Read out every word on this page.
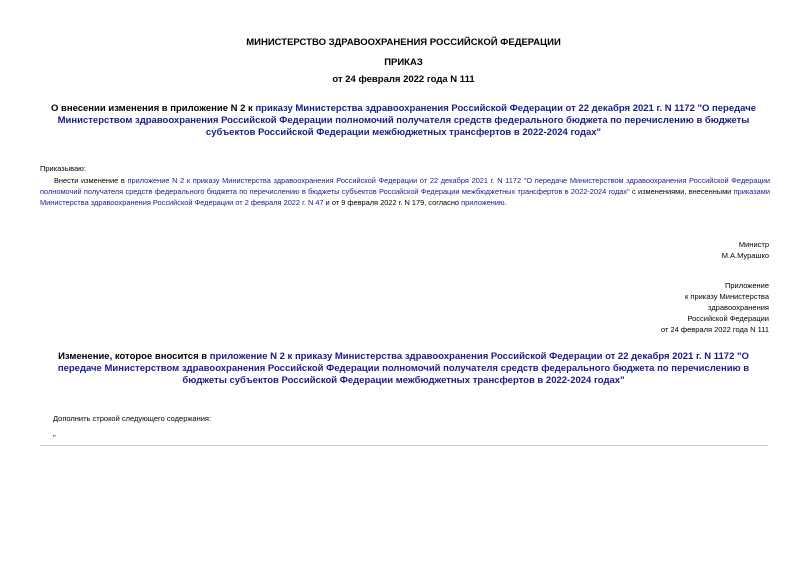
МИНИСТЕРСТВО ЗДРАВООХРАНЕНИЯ РОССИЙСКОЙ ФЕДЕРАЦИИ
ПРИКАЗ
от 24 февраля 2022 года N 111
О внесении изменения в приложение N 2 к приказу Министерства здравоохранения Российской Федерации от 22 декабря 2021 г. N 1172 "О передаче Министерством здравоохранения Российской Федерации полномочий получателя средств федерального бюджета по перечислению в бюджеты субъектов Российской Федерации межбюджетных трансфертов в 2022-2024 годах"
Приказываю:
Внести изменение в приложение N 2 к приказу Министерства здравоохранения Российской Федерации от 22 декабря 2021 г. N 1172 "О передаче Министерством здравоохранения Российской Федерации полномочий получателя средств федерального бюджета по перечислению в бюджеты субъектов Российской Федерации межбюджетных трансфертов в 2022-2024 годах" с изменениями, внесенными приказами Министерства здравоохранения Российской Федерации от 2 февраля 2022 г. N 47 и от 9 февраля 2022 г. N 179, согласно приложению.
Министр
М.А.Мурашко
Приложение
к приказу Министерства
здравоохранения
Российской Федерации
от 24 февраля 2022 года N 111
Изменение, которое вносится в приложение N 2 к приказу Министерства здравоохранения Российской Федерации от 22 декабря 2021 г. N 1172 "О передаче Министерством здравоохранения Российской Федерации полномочий получателя средств федерального бюджета по перечислению в бюджеты субъектов Российской Федерации межбюджетных трансфертов в 2022-2024 годах"
Дополнить строкой следующего содержания:
"
